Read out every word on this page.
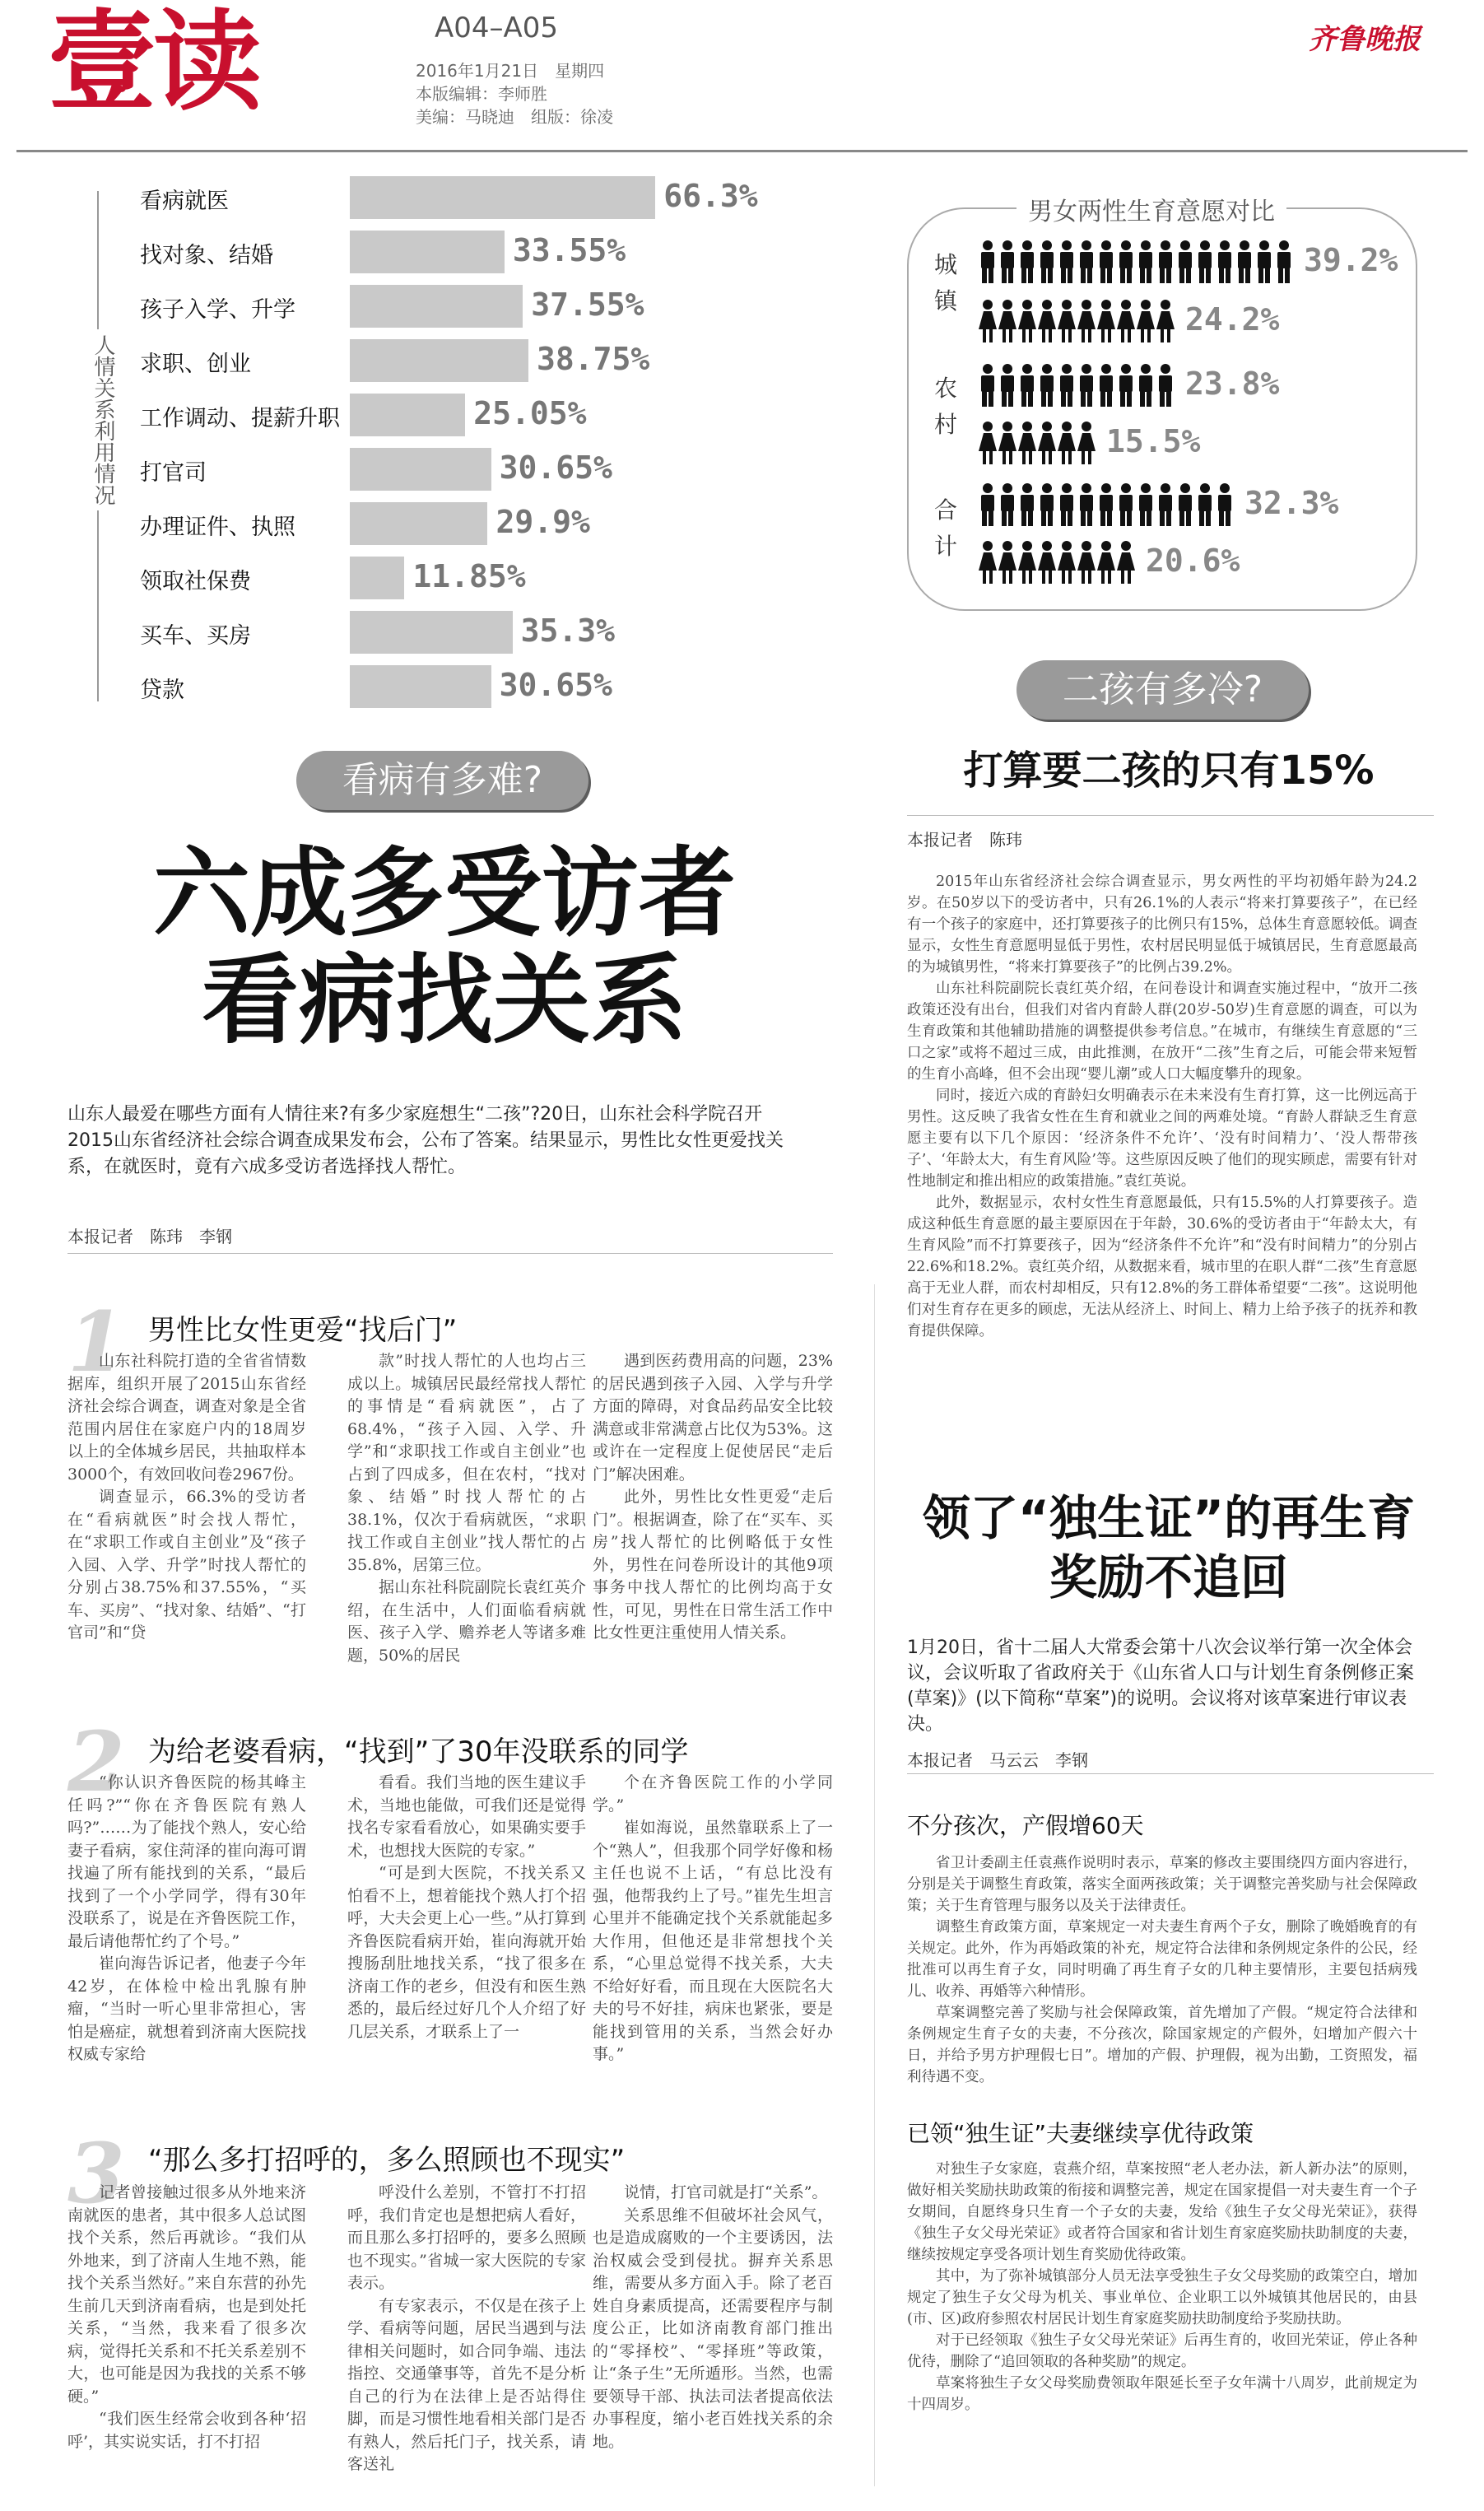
壹读	A04–A05
2016年1月21日　星期四
本版编辑：李师胜
美编：马晓迪　组版：徐凌
齐鲁晚报
人情关系利用情况
看病就医	66.3%
找对象、结婚	33.55%
孩子入学、升学	37.55%
求职、创业	38.75%
工作调动、提薪升职	25.05%
打官司	30.65%
办理证件、执照	29.9%
领取社保费	11.85%
买车、买房	35.3%
贷款	30.65%
男女两性生育意愿对比
城镇
39.2%
24.2%
农村
23.8%
15.5%
合计
32.3%
20.6%
看病有多难?
二孩有多冷?
六成多受访者
看病找关系
山东人最爱在哪些方面有人情往来?有多少家庭想生“二孩”?20日，山东社会科学院召开2015山东省经济社会综合调查成果发布会，公布了答案。结果显示，男性比女性更爱找关系，在就医时，竟有六成多受访者选择找人帮忙。
本报记者　陈玮　李钢
1 男性比女性更爱“找后门”
山东社科院打造的全省省情数据库，组织开展了2015山东省经济社会综合调查，调查对象是全省范围内居住在家庭户内的18周岁以上的全体城乡居民，共抽取样本3000个，有效回收问卷2967份。
调查显示，66.3%的受访者在“看病就医”时会找人帮忙，在“求职工作或自主创业”及“孩子入园、入学、升学”时找人帮忙的分别占38.75%和37.55%，“买车、买房”、“找对象、结婚”、“打官司”和“贷
款”时找人帮忙的人也均占三成以上。城镇居民最经常找人帮忙的事情是“看病就医”，占了68.4%，“孩子入园、入学、升学”和“求职找工作或自主创业”也占到了四成多，但在农村，“找对象、结婚”时找人帮忙的占38.1%，仅次于看病就医，“求职找工作或自主创业”找人帮忙的占35.8%，居第三位。
据山东社科院副院长袁红英介绍，在生活中，人们面临看病就医、孩子入学、赡养老人等诸多难题，50%的居民
遇到医药费用高的问题，23%的居民遇到孩子入园、入学与升学方面的障碍，对食品药品安全比较满意或非常满意占比仅为53%。这或许在一定程度上促使居民“走后门”解决困难。
此外，男性比女性更爱“走后门”。根据调查，除了在“买车、买房”找人帮忙的比例略低于女性外，男性在问卷所设计的其他9项事务中找人帮忙的比例均高于女性，可见，男性在日常生活工作中比女性更注重使用人情关系。
2 为给老婆看病，“找到”了30年没联系的同学
“你认识齐鲁医院的杨其峰主任吗?”“你在齐鲁医院有熟人吗?”……为了能找个熟人，安心给妻子看病，家住菏泽的崔向海可谓找遍了所有能找到的关系，“最后找到了一个小学同学，得有30年没联系了，说是在齐鲁医院工作，最后请他帮忙约了个号。”
崔向海告诉记者，他妻子今年42岁，在体检中检出乳腺有肿瘤，“当时一听心里非常担心，害怕是癌症，就想着到济南大医院找权威专家给
看看。我们当地的医生建议手术，当地也能做，可我们还是觉得找名专家看看放心，如果确实要手术，也想找大医院的专家。”
“可是到大医院，不找关系又怕看不上，想着能找个熟人打个招呼，大夫会更上心一些。”从打算到齐鲁医院看病开始，崔向海就开始搜肠刮肚地找关系，“找了很多在济南工作的老乡，但没有和医生熟悉的，最后经过好几个人介绍了好几层关系，才联系上了一
个在齐鲁医院工作的小学同学。”
崔如海说，虽然靠联系上了一个“熟人”，但我那个同学好像和杨主任也说不上话，“有总比没有强，他帮我约上了号。”崔先生坦言心里并不能确定找个关系就能起多大作用，但他还是非常想找个关系，“心里总觉得不找关系，大夫不给好好看，而且现在大医院名大夫的号不好挂，病床也紧张，要是能找到管用的关系，当然会好办事。”
3 “那么多打招呼的，多么照顾也不现实”
记者曾接触过很多从外地来济南就医的患者，其中很多人总试图找个关系，然后再就诊。“我们从外地来，到了济南人生地不熟，能找个关系当然好。”来自东营的孙先生前几天到济南看病，也是到处托关系，“当然，我来看了很多次病，觉得托关系和不托关系差别不大，也可能是因为我找的关系不够硬。”
“我们医生经常会收到各种‘招呼’，其实说实话，打不打招
呼没什么差别，不管打不打招呼，我们肯定也是想把病人看好，而且那么多打招呼的，要多么照顾也不现实。”省城一家大医院的专家表示。
有专家表示，不仅是在孩子上学、看病等问题，居民当遇到与法律相关问题时，如合同争端、违法指控、交通肇事等，首先不是分析自己的行为在法律上是否站得住脚，而是习惯性地看相关部门是否有熟人，然后托门子，找关系，请客送礼
说情，打官司就是打“关系”。
关系思维不但破坏社会风气，也是造成腐败的一个主要诱因，法治权威会受到侵扰。摒弃关系思维，需要从多方面入手。除了老百姓自身素质提高，还需要程序与制度公正，比如济南教育部门推出的“零择校”、“零择班”等政策，让“条子生”无所遁形。当然，也需要领导干部、执法司法者提高依法办事程度，缩小老百姓找关系的余地。
打算要二孩的只有15%
本报记者　陈玮
2015年山东省经济社会综合调查显示，男女两性的平均初婚年龄为24.2岁。在50岁以下的受访者中，只有26.1%的人表示“将来打算要孩子”，在已经有一个孩子的家庭中，还打算要孩子的比例只有15%，总体生育意愿较低。调查显示，女性生育意愿明显低于男性，农村居民明显低于城镇居民，生育意愿最高的为城镇男性，“将来打算要孩子”的比例占39.2%。
山东社科院副院长袁红英介绍，在问卷设计和调查实施过程中，“放开二孩政策还没有出台，但我们对省内育龄人群(20岁-50岁)生育意愿的调查，可以为生育政策和其他辅助措施的调整提供参考信息。”在城市，有继续生育意愿的“三口之家”或将不超过三成，由此推测，在放开“二孩”生育之后，可能会带来短暂的生育小高峰，但不会出现“婴儿潮”或人口大幅度攀升的现象。
同时，接近六成的育龄妇女明确表示在未来没有生育打算，这一比例远高于男性。这反映了我省女性在生育和就业之间的两难处境。“育龄人群缺乏生育意愿主要有以下几个原因：‘经济条件不允许’、‘没有时间精力’、‘没人帮带孩子’、‘年龄太大，有生育风险’等。这些原因反映了他们的现实顾虑，需要有针对性地制定和推出相应的政策措施。”袁红英说。
此外，数据显示，农村女性生育意愿最低，只有15.5%的人打算要孩子。造成这种低生育意愿的最主要原因在于年龄，30.6%的受访者由于“年龄太大，有生育风险”而不打算要孩子，因为“经济条件不允许”和“没有时间精力”的分别占22.6%和18.2%。袁红英介绍，从数据来看，城市里的在职人群“二孩”生育意愿高于无业人群，而农村却相反，只有12.8%的务工群体希望要“二孩”。这说明他们对生育存在更多的顾虑，无法从经济上、时间上、精力上给予孩子的抚养和教育提供保障。
领了“独生证”的再生育
奖励不追回
1月20日，省十二届人大常委会第十八次会议举行第一次全体会议，会议听取了省政府关于《山东省人口与计划生育条例修正案(草案)》(以下简称“草案”)的说明。会议将对该草案进行审议表决。
本报记者　马云云　李钢
不分孩次，产假增60天
省卫计委副主任袁燕作说明时表示，草案的修改主要围绕四方面内容进行，分别是关于调整生育政策，落实全面两孩政策；关于调整完善奖励与社会保障政策；关于生育管理与服务以及关于法律责任。
调整生育政策方面，草案规定一对夫妻生育两个子女，删除了晚婚晚育的有关规定。此外，作为再婚政策的补充，规定符合法律和条例规定条件的公民，经批准可以再生育子女，同时明确了再生育子女的几种主要情形，主要包括病残儿、收养、再婚等六种情形。
草案调整完善了奖励与社会保障政策，首先增加了产假。“规定符合法律和条例规定生育子女的夫妻，不分孩次，除国家规定的产假外，妇增加产假六十日，并给予男方护理假七日”。增加的产假、护理假，视为出勤，工资照发，福利待遇不变。
已领“独生证”夫妻继续享优待政策
对独生子女家庭，袁燕介绍，草案按照“老人老办法，新人新办法”的原则，做好相关奖励扶助政策的衔接和调整完善，规定在国家提倡一对夫妻生育一个子女期间，自愿终身只生育一个子女的夫妻，发给《独生子女父母光荣证》，获得《独生子女父母光荣证》或者符合国家和省计划生育家庭奖励扶助制度的夫妻，继续按规定享受各项计划生育奖励优待政策。
其中，为了弥补城镇部分人员无法享受独生子女父母奖励的政策空白，增加规定了独生子女父母为机关、事业单位、企业职工以外城镇其他居民的，由县(市、区)政府参照农村居民计划生育家庭奖励扶助制度给予奖励扶助。
对于已经领取《独生子女父母光荣证》后再生育的，收回光荣证，停止各种优待，删除了“追回领取的各种奖励”的规定。
草案将独生子女父母奖励费领取年限延长至子女年满十八周岁，此前规定为十四周岁。
